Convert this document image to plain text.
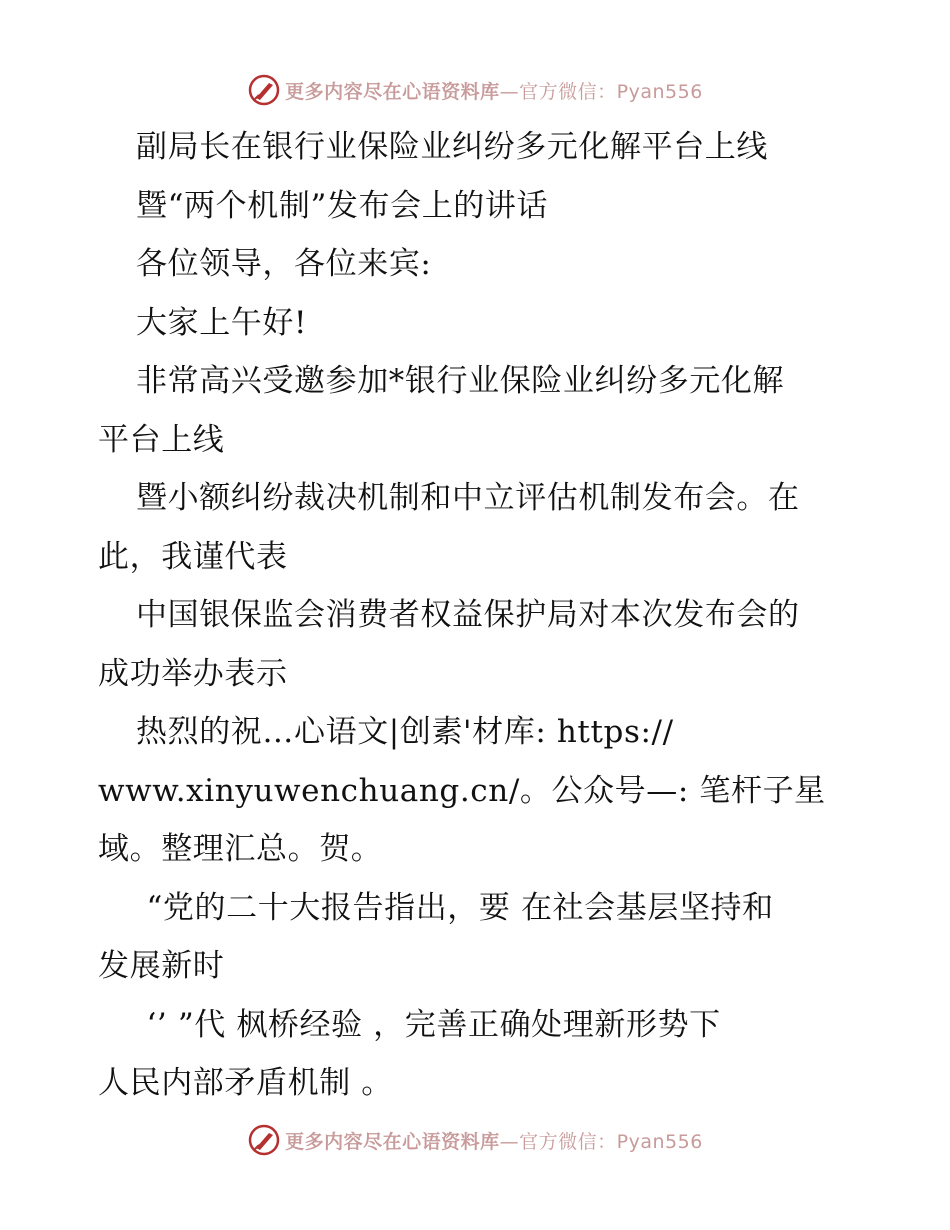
更多内容尽在心语资料库—官方微信：Pyan556
副局长在银行业保险业纠纷多元化解平台上线
暨“两个机制”发布会上的讲话
各位领导，各位来宾:
大家上午好!
非常高兴受邀参加*银行业保险业纠纷多元化解
平台上线
暨小额纠纷裁决机制和中立评估机制发布会。在
此，我谨代表
中国银保监会消费者权益保护局对本次发布会的
成功举办表示
热烈的祝…心语文|创素'材库: https://
www.xinyuwenchuang.cn/。公众号—: 笔杆子星
域。整理汇总。贺。
“党的二十大报告指出，要 在社会基层坚持和
发展新时
‘’ ”代 枫桥经验 ，完善正确处理新形势下
人民内部矛盾机制 。
更多内容尽在心语资料库—官方微信：Pyan556
